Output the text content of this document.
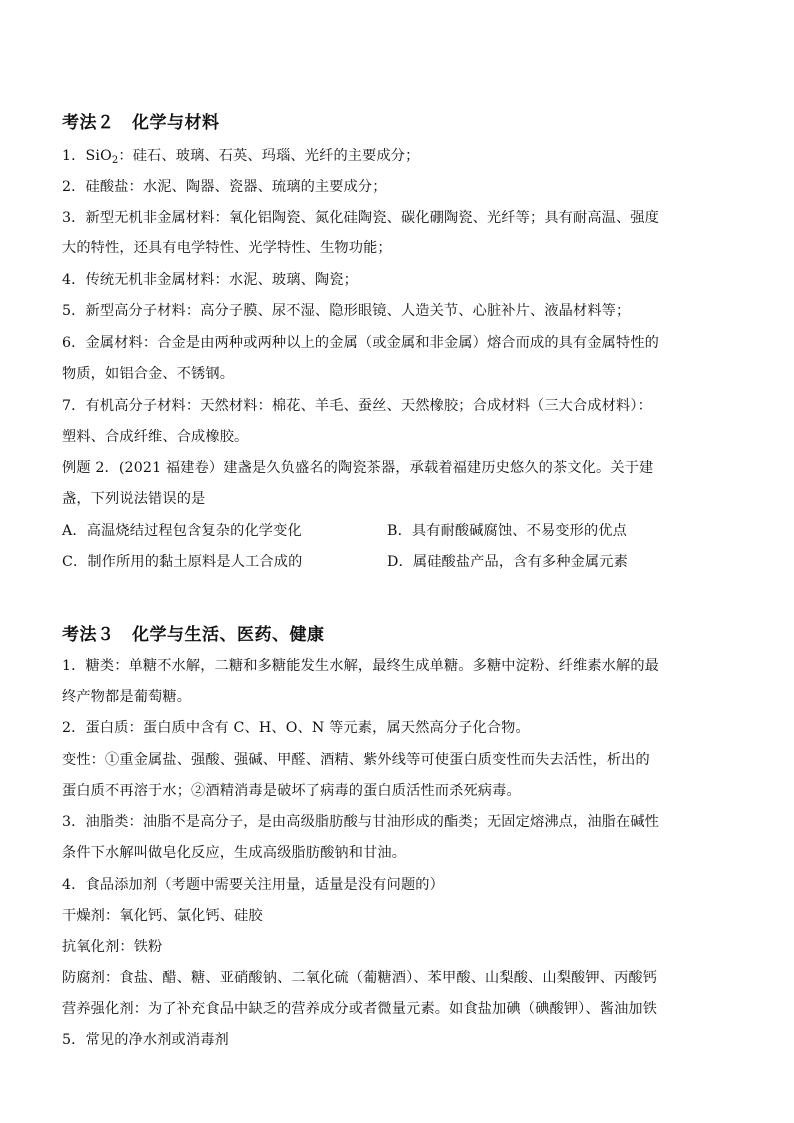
考法２　化学与材料
1．SiO$_2$：硅石、玻璃、石英、玛瑙、光纤的主要成分；
2．硅酸盐：水泥、陶器、瓷器、琉璃的主要成分；
3．新型无机非金属材料：氧化铝陶瓷、氮化硅陶瓷、碳化硼陶瓷、光纤等；具有耐高温、强度
大的特性，还具有电学特性、光学特性、生物功能；
4．传统无机非金属材料：水泥、玻璃、陶瓷；
5．新型高分子材料：高分子膜、尿不湿、隐形眼镜、人造关节、心脏补片、液晶材料等；
6．金属材料：合金是由两种或两种以上的金属（或金属和非金属）熔合而成的具有金属特性的
物质，如铝合金、不锈钢。
7．有机高分子材料：天然材料：棉花、羊毛、蚕丝、天然橡胶；合成材料（三大合成材料）：
塑料、合成纤维、合成橡胶。
例题 2．(2021 福建卷）建盏是久负盛名的陶瓷茶器，承载着福建历史悠久的茶文化。关于建
盏，下列说法错误的是
A．高温烧结过程包含复杂的化学变化	B．具有耐酸碱腐蚀、不易变形的优点
C．制作所用的黏土原料是人工合成的	D．属硅酸盐产品，含有多种金属元素
考法３　化学与生活、医药、健康
1．糖类：单糖不水解，二糖和多糖能发生水解，最终生成单糖。多糖中淀粉、纤维素水解的最
终产物都是葡萄糖。
2．蛋白质：蛋白质中含有 C、H、O、N 等元素，属天然高分子化合物。
变性：①重金属盐、强酸、强碱、甲醛、酒精、紫外线等可使蛋白质变性而失去活性，析出的
蛋白质不再溶于水；②酒精消毒是破坏了病毒的蛋白质活性而杀死病毒。
3．油脂类：油脂不是高分子，是由高级脂肪酸与甘油形成的酯类；无固定熔沸点，油脂在碱性
条件下水解叫做皂化反应，生成高级脂肪酸钠和甘油。
4．食品添加剂（考题中需要关注用量，适量是没有问题的）
干燥剂：氧化钙、氯化钙、硅胶
抗氧化剂：铁粉
防腐剂：食盐、醋、糖、亚硝酸钠、二氧化硫（葡糖酒）、苯甲酸、山梨酸、山梨酸钾、丙酸钙
营养强化剂：为了补充食品中缺乏的营养成分或者微量元素。如食盐加碘（碘酸钾）、酱油加铁
5．常见的净水剂或消毒剂
